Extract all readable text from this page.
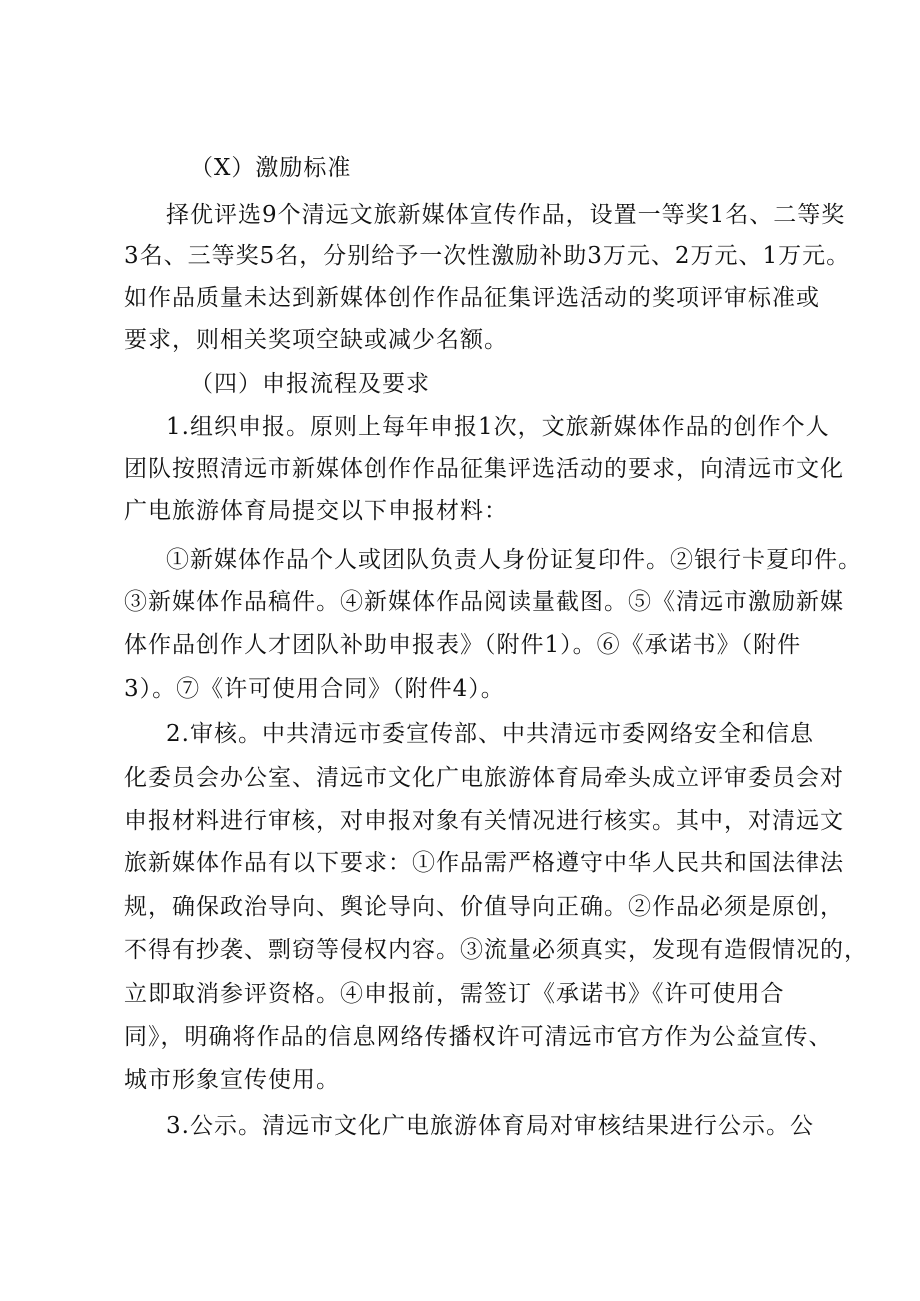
（X）激励标准
择优评选9个清远文旅新媒体宣传作品，设置一等奖1名、二等奖
3名、三等奖5名，分别给予一次性激励补助3万元、2万元、1万元。
如作品质量未达到新媒体创作作品征集评选活动的奖项评审标准或
要求，则相关奖项空缺或减少名额。
（四）申报流程及要求
1.组织申报。原则上每年申报1次，文旅新媒体作品的创作个人
团队按照清远市新媒体创作作品征集评选活动的要求，向清远市文化
广电旅游体育局提交以下申报材料：
①新媒体作品个人或团队负责人身份证复印件。②银行卡夏印件。
③新媒体作品稿件。④新媒体作品阅读量截图。⑤《清远市激励新媒
体作品创作人才团队补助申报表》（附件1）。⑥《承诺书》（附件
3）。⑦《许可使用合同》（附件4）。
2.审核。中共清远市委宣传部、中共清远市委网络安全和信息
化委员会办公室、清远市文化广电旅游体育局牵头成立评审委员会对
申报材料进行审核，对申报对象有关情况进行核实。其中，对清远文
旅新媒体作品有以下要求：①作品需严格遵守中华人民共和国法律法
规，确保政治导向、舆论导向、价值导向正确。②作品必须是原创，
不得有抄袭、剽窃等侵权内容。③流量必须真实，发现有造假情况的，
立即取消参评资格。④申报前，需签订《承诺书》《许可使用合
同》，明确将作品的信息网络传播权许可清远市官方作为公益宣传、
城市形象宣传使用。
3.公示。清远市文化广电旅游体育局对审核结果进行公示。公
